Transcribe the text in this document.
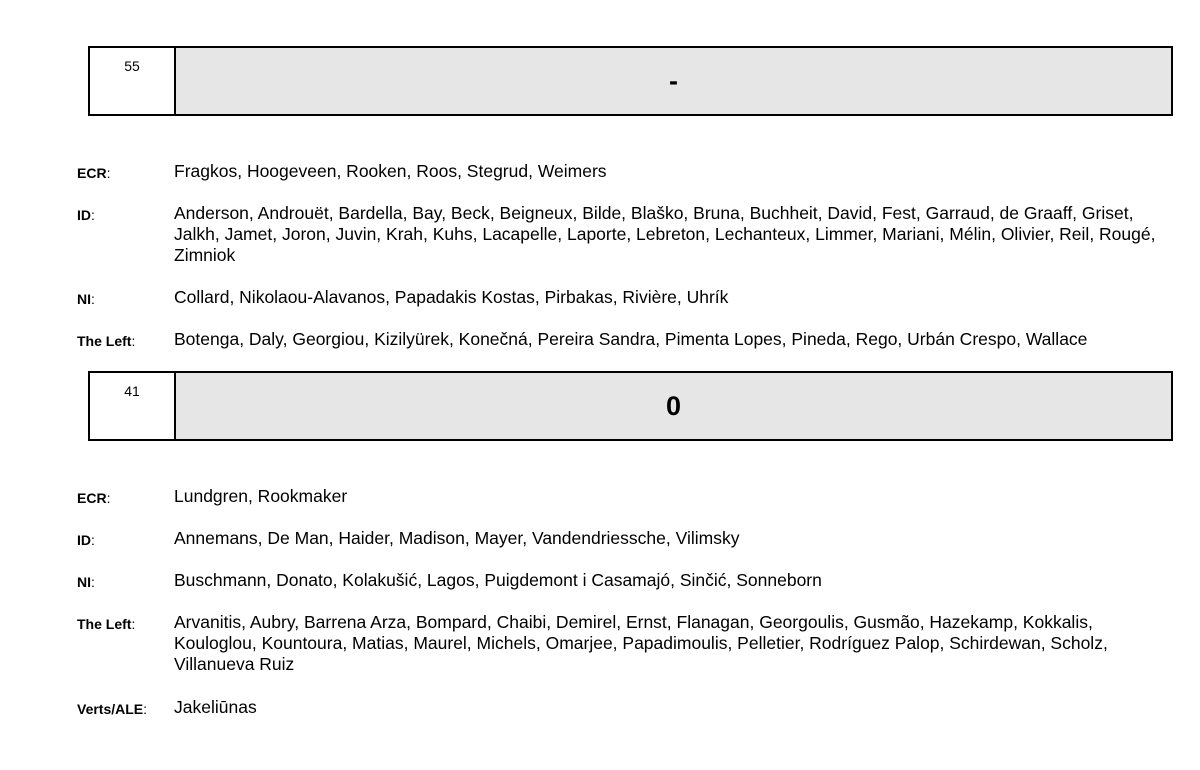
55	-
ECR:	Fragkos, Hoogeveen, Rooken, Roos, Stegrud, Weimers
ID:	Anderson, Androuët, Bardella, Bay, Beck, Beigneux, Bilde, Blaško, Bruna, Buchheit, David, Fest, Garraud, de Graaff, Griset, Jalkh, Jamet, Joron, Juvin, Krah, Kuhs, Lacapelle, Laporte, Lebreton, Lechanteux, Limmer, Mariani, Mélin, Olivier, Reil, Rougé, Zimniok
NI:	Collard, Nikolaou-Alavanos, Papadakis Kostas, Pirbakas, Rivière, Uhrík
The Left:	Botenga, Daly, Georgiou, Kizilyürek, Konečná, Pereira Sandra, Pimenta Lopes, Pineda, Rego, Urbán Crespo, Wallace
41	0
ECR:	Lundgren, Rookmaker
ID:	Annemans, De Man, Haider, Madison, Mayer, Vandendriessche, Vilimsky
NI:	Buschmann, Donato, Kolakušić, Lagos, Puigdemont i Casamajó, Sinčić, Sonneborn
The Left:	Arvanitis, Aubry, Barrena Arza, Bompard, Chaibi, Demirel, Ernst, Flanagan, Georgoulis, Gusmão, Hazekamp, Kokkalis, Kouloglou, Kountoura, Matias, Maurel, Michels, Omarjee, Papadimoulis, Pelletier, Rodríguez Palop, Schirdewan, Scholz, Villanueva Ruiz
Verts/ALE:	Jakeliūnas
